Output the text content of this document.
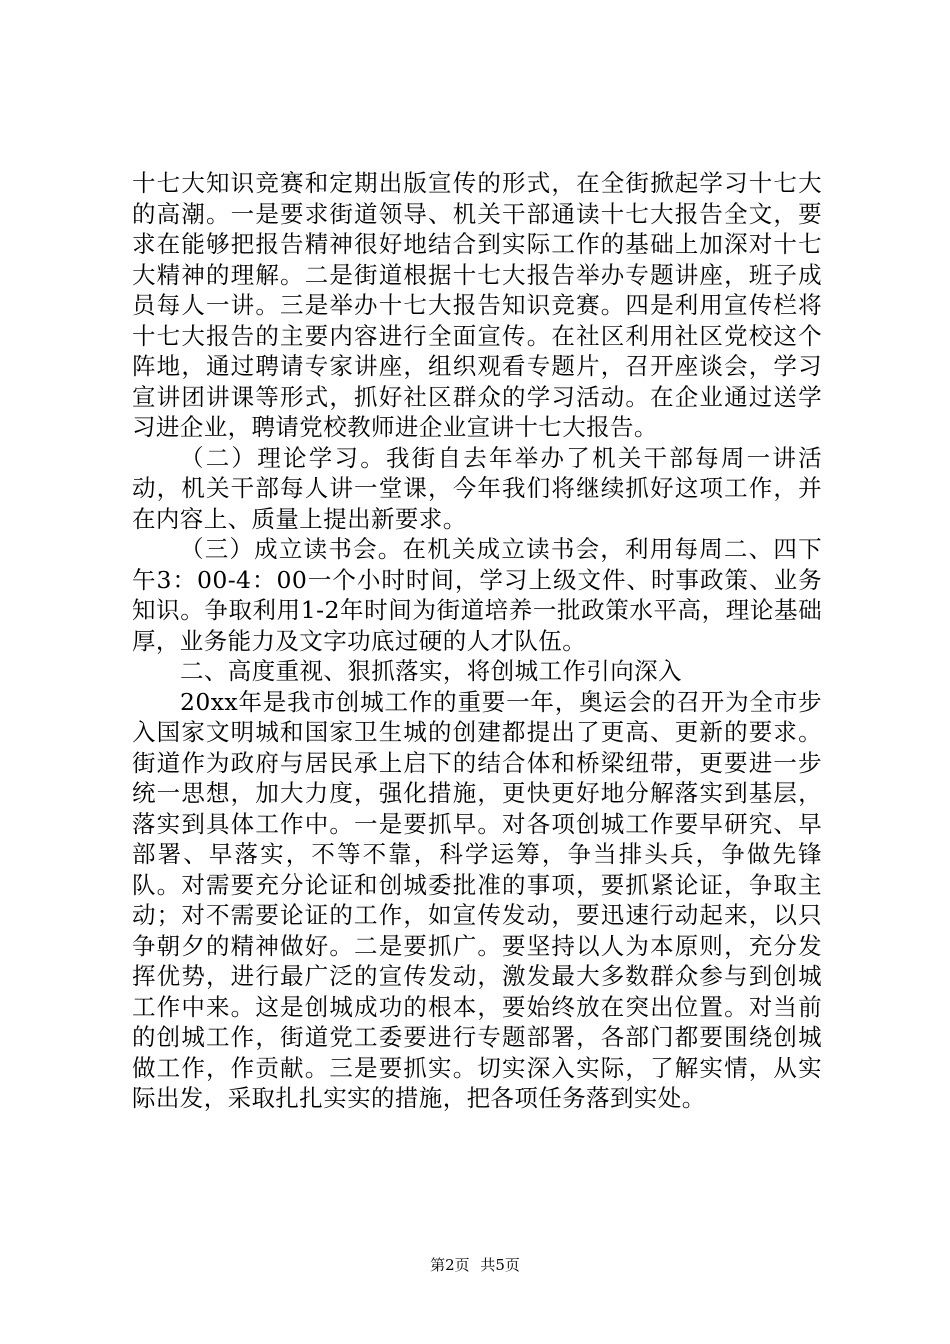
十七大知识竞赛和定期出版宣传的形式，在全街掀起学习十七大的高潮。一是要求街道领导、机关干部通读十七大报告全文，要求在能够把报告精神很好地结合到实际工作的基础上加深对十七大精神的理解。二是街道根据十七大报告举办专题讲座，班子成员每人一讲。三是举办十七大报告知识竞赛。四是利用宣传栏将十七大报告的主要内容进行全面宣传。在社区利用社区党校这个阵地，通过聘请专家讲座，组织观看专题片，召开座谈会，学习宣讲团讲课等形式，抓好社区群众的学习活动。在企业通过送学习进企业，聘请党校教师进企业宣讲十七大报告。

（二）理论学习。我街自去年举办了机关干部每周一讲活动，机关干部每人讲一堂课，今年我们将继续抓好这项工作，并在内容上、质量上提出新要求。

（三）成立读书会。在机关成立读书会，利用每周二、四下午3：00-4：00一个小时时间，学习上级文件、时事政策、业务知识。争取利用1-2年时间为街道培养一批政策水平高，理论基础厚，业务能力及文字功底过硬的人才队伍。

二、高度重视、狠抓落实，将创城工作引向深入

20xx年是我市创城工作的重要一年，奥运会的召开为全市步入国家文明城和国家卫生城的创建都提出了更高、更新的要求。街道作为政府与居民承上启下的结合体和桥梁纽带，更要进一步统一思想，加大力度，强化措施，更快更好地分解落实到基层，落实到具体工作中。一是要抓早。对各项创城工作要早研究、早部署、早落实，不等不靠，科学运筹，争当排头兵，争做先锋队。对需要充分论证和创城委批准的事项，要抓紧论证，争取主动；对不需要论证的工作，如宣传发动，要迅速行动起来，以只争朝夕的精神做好。二是要抓广。要坚持以人为本原则，充分发挥优势，进行最广泛的宣传发动，激发最大多数群众参与到创城工作中来。这是创城成功的根本，要始终放在突出位置。对当前的创城工作，街道党工委要进行专题部署，各部门都要围绕创城做工作，作贡献。三是要抓实。切实深入实际，了解实情，从实际出发，采取扎扎实实的措施，把各项任务落到实处。

第2页 共5页
